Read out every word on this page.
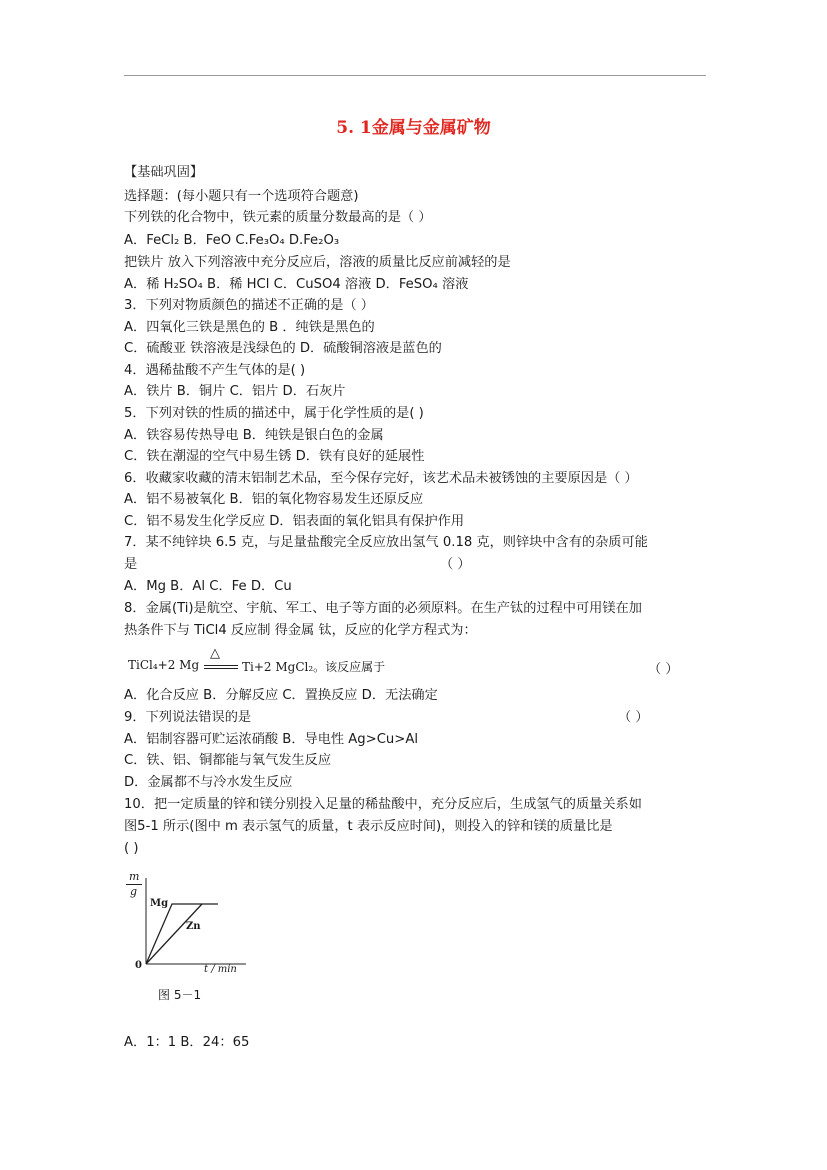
5. 1金属与金属矿物
【基础巩固】
选择题：(每小题只有一个选项符合题意)
下列铁的化合物中，铁元素的质量分数最高的是（ ）
A．FeCl₂ B．FeO C.Fe₃O₄ D.Fe₂O₃
把铁片 放入下列溶液中充分反应后，溶液的质量比反应前减轻的是
A．稀 H₂SO₄ B．稀 HCl C．CuSO4 溶液 D．FeSO₄ 溶液
3．下列对物质颜色的描述不正确的是（ ）
A．四氧化三铁是黑色的 B ．纯铁是黑色的
C．硫酸亚 铁溶液是浅绿色的 D．硫酸铜溶液是蓝色的
4．遇稀盐酸不产生气体的是( )
A．铁片 B．铜片 C．铝片 D．石灰片
5．下列对铁的性质的描述中，属于化学性质的是( )
A．铁容易传热导电 B．纯铁是银白色的金属
C．铁在潮湿的空气中易生锈 D．铁有良好的延展性
6．收藏家收藏的清末铝制艺术品，至今保存完好，该艺术品未被锈蚀的主要原因是（ ）
A．铝不易被氧化 B．铝的氧化物容易发生还原反应
C．铝不易发生化学反应 D．铝表面的氧化铝具有保护作用
7．某不纯锌块 6.5 克，与足量盐酸完全反应放出氢气 0.18 克，则锌块中含有的杂质可能
是	（ ）
A．Mg B．Al C．Fe D．Cu
8．金属(Ti)是航空、宇航、军工、电子等方面的必须原料。在生产钛的过程中可用镁在加
热条件下与 TiCl4 反应制 得金属 钛，反应的化学方程式为：
TiCl₄+2 Mg
△
Ti+2 MgCl₂。该反应属于	（ ）
A．化合反应 B．分解反应 C．置换反应 D．无法确定
9．下列说法错误的是	（ ）
A．铝制容器可贮运浓硝酸 B．导电性 Ag>Cu>Al
C．铁、铝、铜都能与氧气发生反应
D．金属都不与冷水发生反应
10．把一定质量的锌和镁分别投入足量的稀盐酸中，充分反应后，生成氢气的质量关系如
图5-1 所示(图中 m 表示氢气的质量，t 表示反应时间)，则投入的锌和镁的质量比是
( )
m
g
Mg
Zn
0	t / min
图 5－1
A．1：1 B．24：65
